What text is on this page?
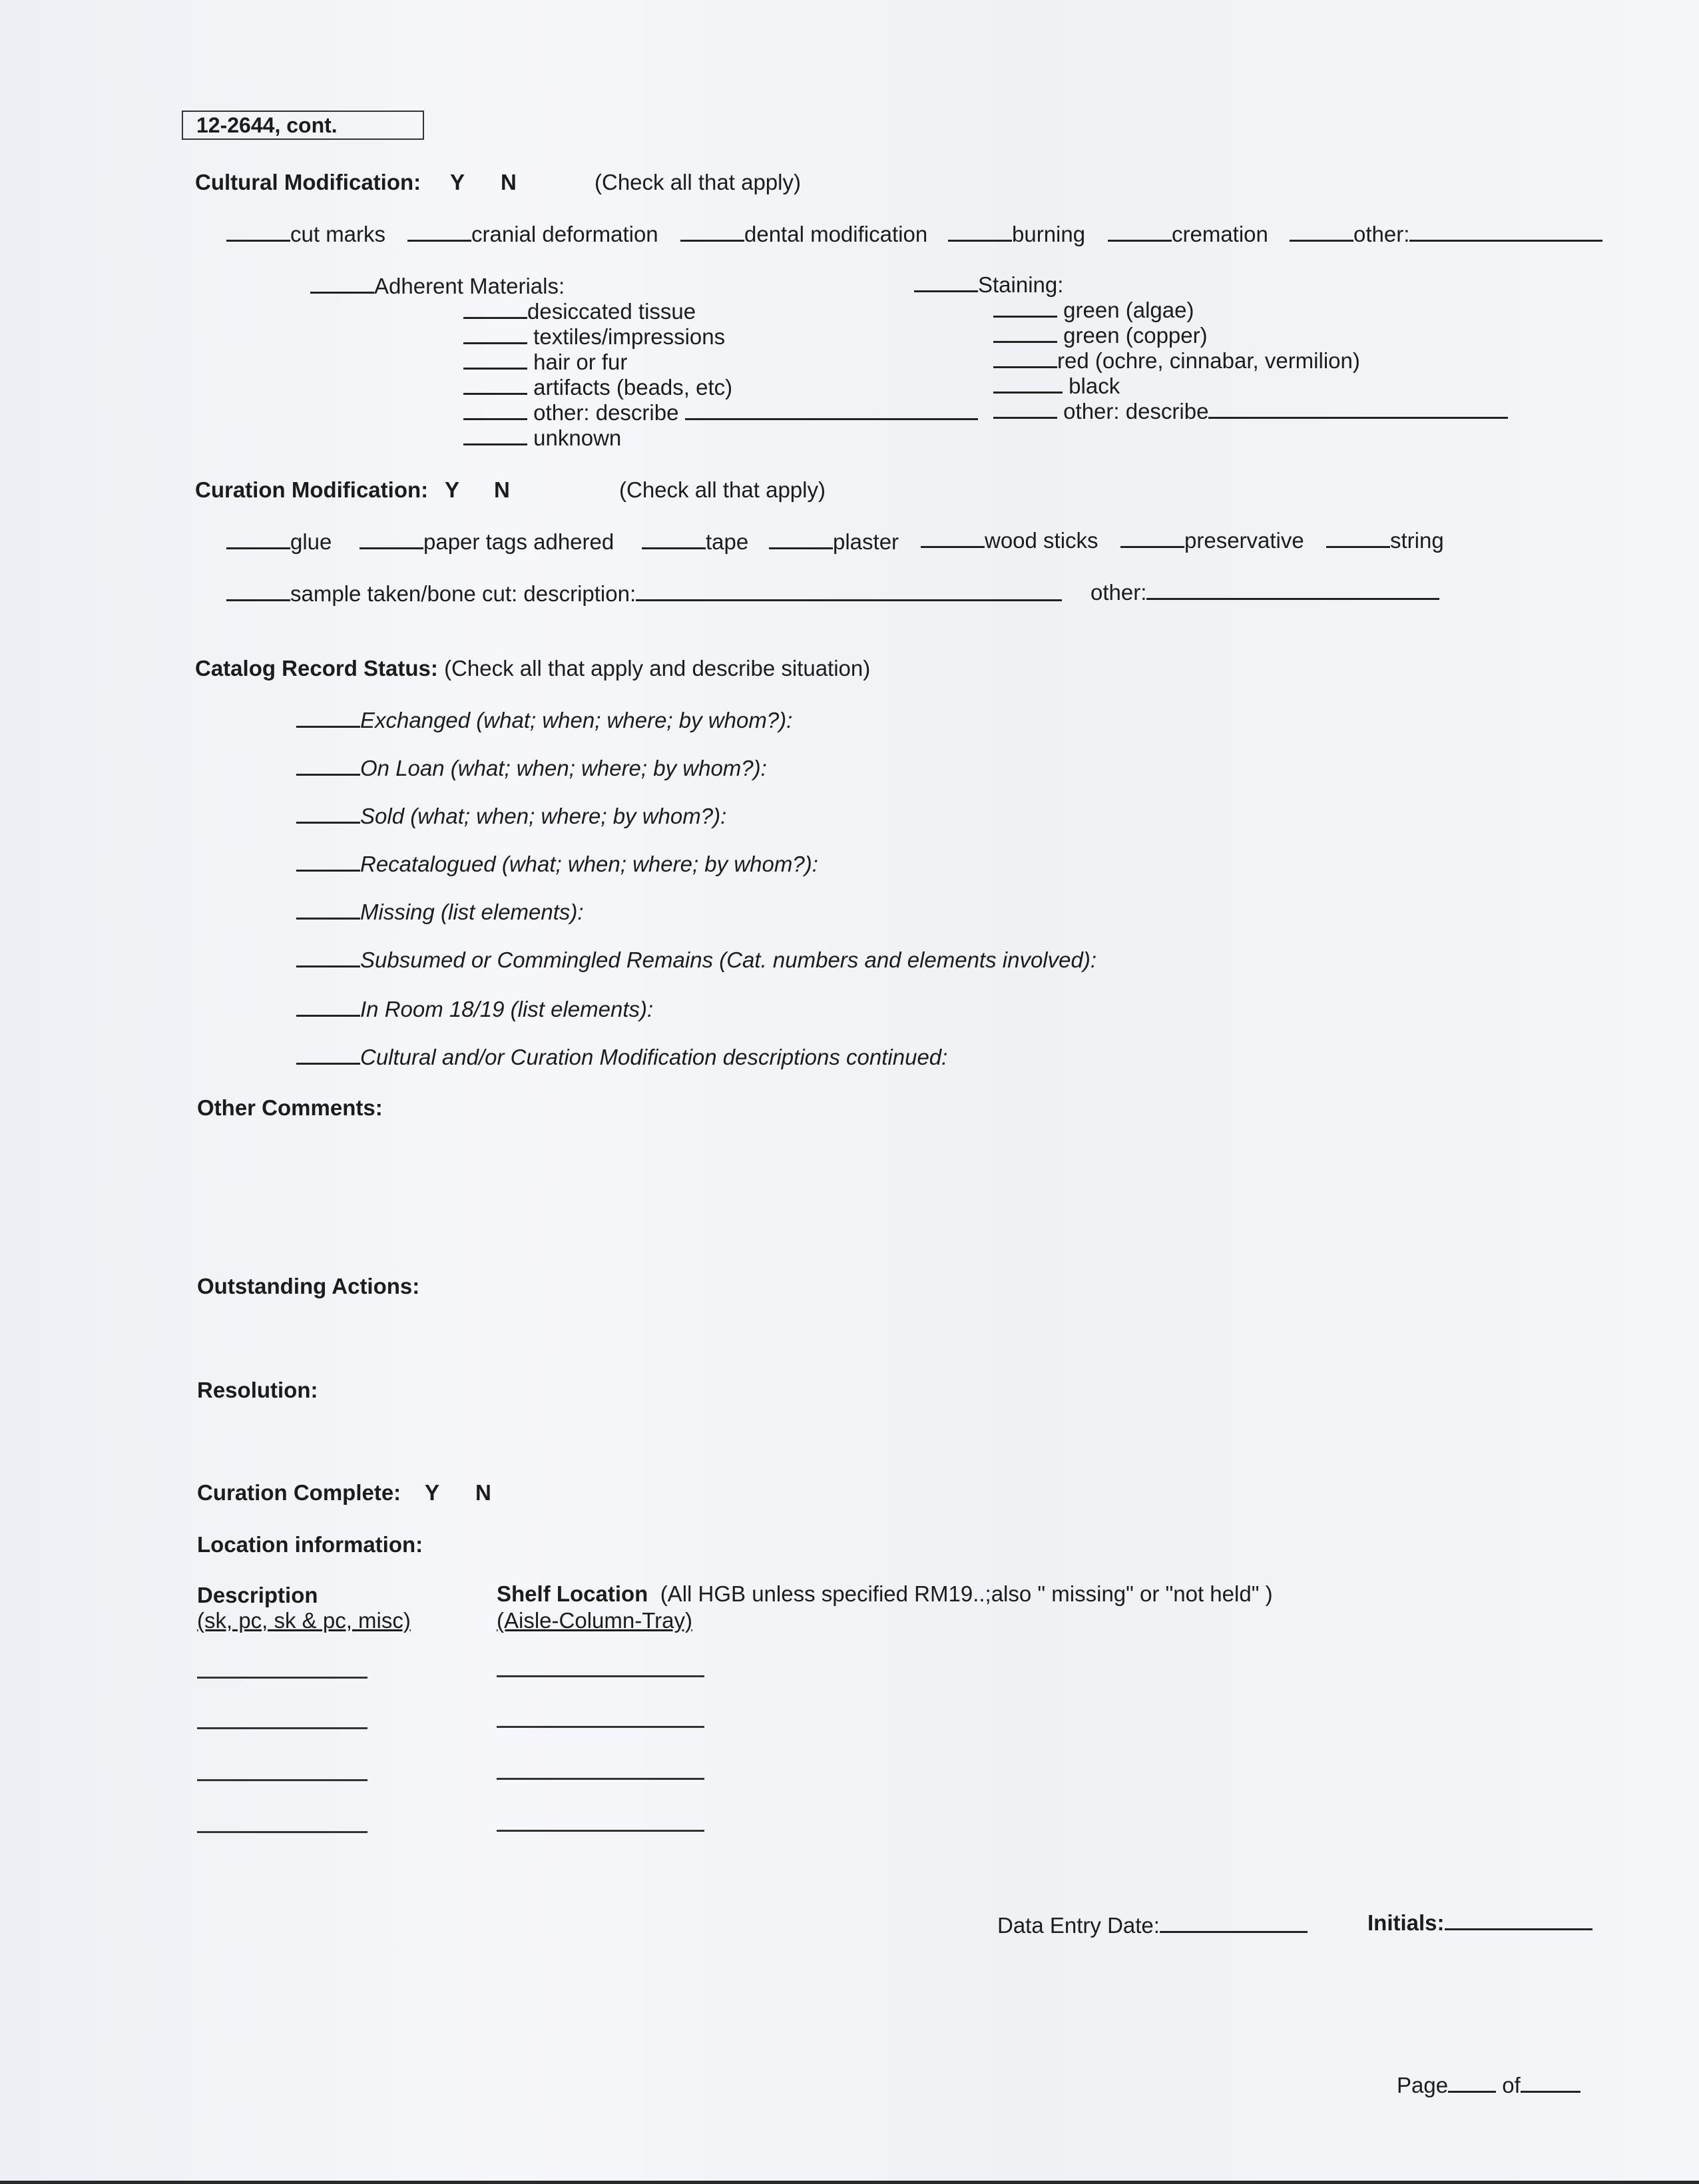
12-2644, cont.
Cultural Modification: Y N	(Check all that apply)
cut marks	cranial deformation	dental modification	burning	cremation	other:
Adherent Materials:
desiccated tissue
textiles/impressions
hair or fur
artifacts (beads, etc)
other: describe
unknown
Staining:
green (algae)
green (copper)
red (ochre, cinnabar, vermilion)
black
other: describe
Curation Modification: Y N	(Check all that apply)
glue	paper tags adhered	tape	plaster	wood sticks	preservative	string
sample taken/bone cut: description:	other:
Catalog Record Status: (Check all that apply and describe situation)
Exchanged (what; when; where; by whom?):
On Loan (what; when; where; by whom?):
Sold (what; when; where; by whom?):
Recatalogued (what; when; where; by whom?):
Missing (list elements):
Subsumed or Commingled Remains (Cat. numbers and elements involved):
In Room 18/19 (list elements):
Cultural and/or Curation Modification descriptions continued:
Other Comments:
Outstanding Actions:
Resolution:
Curation Complete: Y N
Location information:
Description
(sk, pc, sk & pc, misc)
Shelf Location (All HGB unless specified RM19..;also " missing" or "not held" )
(Aisle-Column-Tray)
Data Entry Date:	Initials:
Page of
